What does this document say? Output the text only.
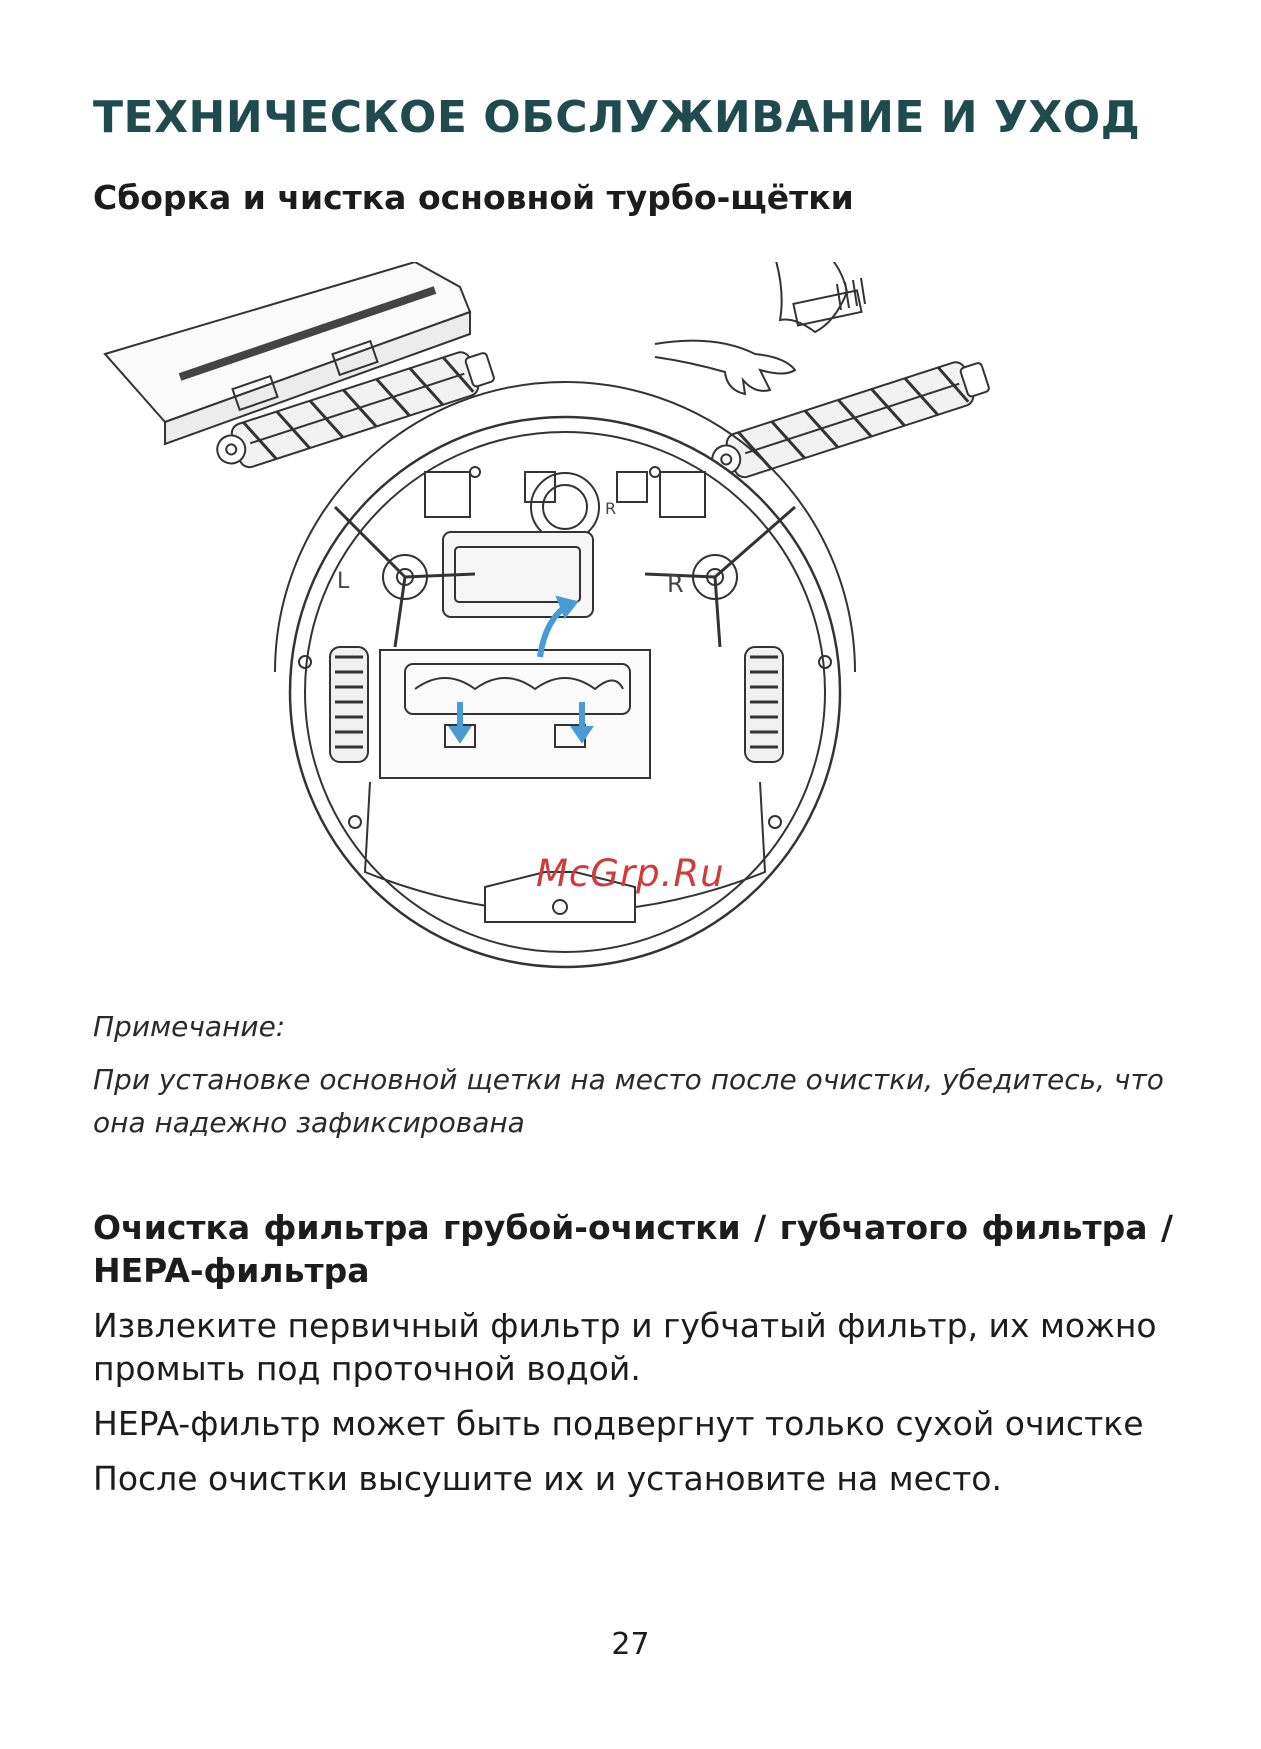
ТЕХНИЧЕСКОЕ ОБСЛУЖИВАНИЕ И УХОД
Сборка и чистка основной турбо-щётки
L
R
R
McGrp.Ru
Примечание:
При установке основной щетки на место после очистки, убедитесь, что она надежно зафиксирована
Очистка фильтра грубой-очистки / губчатого фильтра / HEPA-фильтра
Извлеките первичный фильтр и губчатый фильтр, их можно промыть под проточной водой.
HEPA-фильтр может быть подвергнут только сухой очистке
После очистки высушите их и установите на место.
27
